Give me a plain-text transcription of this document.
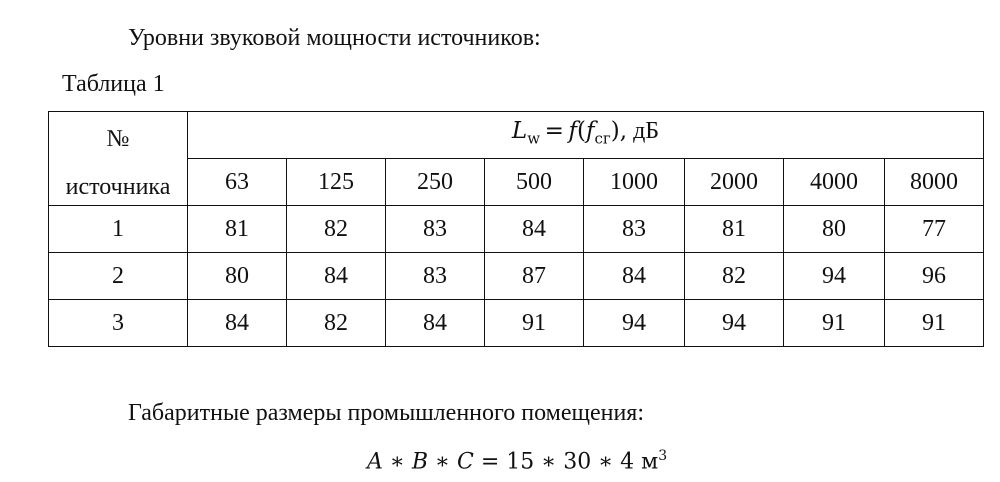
Уровни звуковой мощности источников:
Таблица 1
№
источника	$L_w = f(f_{сг})$, дБ							
	63	125	250	500	1000	2000	4000	8000
1	81	82	83	84	83	81	80	77
2	80	84	83	87	84	82	94	96
3	84	82	84	91	94	94	91	91
Габаритные размеры промышленного помещения:
A ∗ B ∗ C = 15 ∗ 30 ∗ 4 $м^3$
